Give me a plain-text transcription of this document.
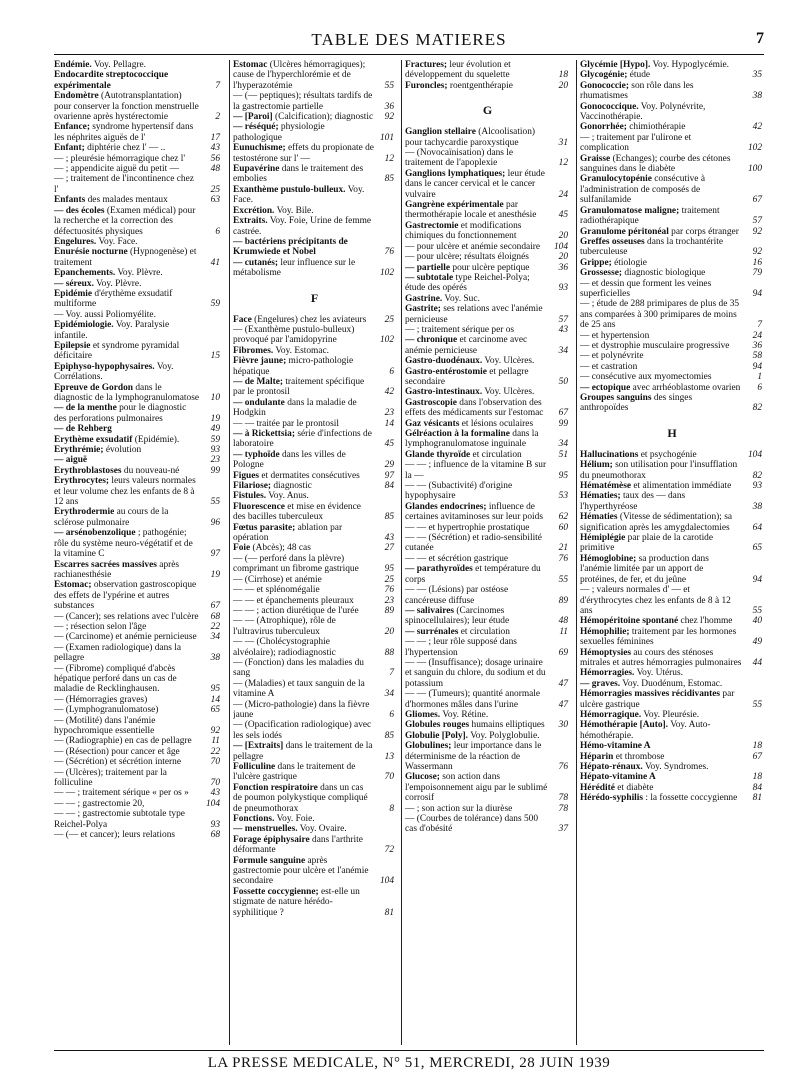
TABLE DES MATIERES	7
Endémie. Voy. Pellagre.
Endocardite streptococcique expérimentale	7
Endomètre (Autotransplantation) pour conserver la fonction menstruelle ovarienne après hystérectomie	2
Enfance; syndrome hypertensif dans les néphrites aiguës de l'	17
Enfant; diphtérie chez l' — ..	43
— ; pleurésie hémorragique chez l'	56
— ; appendicite aiguë du petit —	48
— ; traitement de l'incontinence chez l'	25
Enfants des malades mentaux	63
— des écoles (Examen médical) pour la recherche et la correction des défectuosités physiques	6
Engelures. Voy. Face.
Enurésie nocturne (Hypnogenèse) et traitement	41
Epanchements. Voy. Plèvre.
— séreux. Voy. Plèvre.
Epidémie d'érythème exsudatif multiforme	59
— Voy. aussi Poliomyélite.
Epidémiologie. Voy. Paralysie infantile.
Epilepsie et syndrome pyramidal déficitaire	15
Epiphyso-hypophysaires. Voy. Corrélations.
Epreuve de Gordon dans le diagnostic de la lymphogranulomatose 10
— de la menthe pour le diagnostic des perforations pulmonaires	19
— de Rehberg	49
Erythème exsudatif (Epidémie).	59
Erythrémie; évolution	93
— aiguë	23
Erythroblastoses du nouveau-né	99
Erythrocytes; leurs valeurs normales et leur volume chez les enfants de 8 à 12 ans	55
Erythrodermie au cours de la sclérose pulmonaire	96
— arsénobenzolique ; pathogénie; rôle du système neuro-végétatif et de la vitamine C	97
Escarres sacrées massives après rachianesthésie	19
Estomac; observation gastroscopique des effets de l'ypérine et autres substances	67
— (Cancer); ses relations avec l'ulcère 68
— ; résection selon l'âge	22
— (Carcinome) et anémie pernicieuse 34
— (Examen radiologique) dans la pellagre	38
— (Fibrome) compliqué d'abcès hépatique perforé dans un cas de maladie de Recklinghausen.	95
— (Hémorragies graves)	14
— (Lymphogranulomatose)	65
— (Motilité) dans l'anémie hypochromique essentielle	92
— (Radiographie) en cas de pellagre 11
— (Résection) pour cancer et âge	22
— (Sécrétion) et sécrétion interne	70
— (Ulcères); traitement par la folliculine	70
— — ; traitement sérique « per os » 43
— — ; gastrectomie 20,	104
— — ; gastrectomie subtotale type Reichel-Polya	93
— (— et cancer); leurs relations	68
Estomac (Ulcères hémorragiques); cause de l'hyperchlorémie et de l'hyperazotémie	55
— (— peptiques); résultats tardifs de la gastrectomie partielle	36
— [Paroi] (Calcification); diagnostic 92
— réséqué; physiologie pathologique	101
Eunuchisme; effets du propionate de testostérone sur l' —	12
Eupavérine dans le traitement des embolies	85
Exanthème pustulo-bulleux. Voy. Face.
Excrétion. Voy. Bile.
Extraits. Voy. Foie, Urine de femme castrée.
— bactériens précipitants de Krumwiede et Nobel	76
— cutanés; leur influence sur le métabolisme	102
F
Face (Engelures) chez les aviateurs 25
— (Exanthème pustulo-bulleux) provoqué par l'amidopyrine	102
Fibromes. Voy. Estomac.
Fièvre jaune; micro-pathologie hépatique	6
— de Malte; traitement spécifique par le prontosil	42
— ondulante dans la maladie de Hodgkin	23
— — traitée par le prontosil	14
— à Rickettsia; série d'infections de laboratoire	45
— typhoïde dans les villes de Pologne	29
Figues et dermatites consécutives	97
Filariose; diagnostic	84
Fistules. Voy. Anus.
Fluorescence et mise en évidence des bacilles tuberculeux	85
Fœtus parasite; ablation par opération	43
Foie (Abcès); 48 cas	27
— (— perforé dans la plèvre) comprimant un fibrome gastrique	95
— (Cirrhose) et anémie	25
— — et splénomégalie	76
— — et épanchements pleuraux	23
— — ; action diurétique de l'urée	89
— — (Atrophique), rôle de l'ultravirus tuberculeux	20
— — (Cholécystographie alvéolaire); radiodiagnostic	88
— (Fonction) dans les maladies du sang	7
— (Maladies) et taux sanguin de la vitamine A	34
— (Micro-pathologie) dans la fièvre jaune	6
— (Opacification radiologique) avec les sels iodés	85
— [Extraits] dans le traitement de la pellagre	13
Folliculine dans le traitement de l'ulcère gastrique	70
Fonction respiratoire dans un cas de poumon polykystique compliqué de pneumothorax	8
Fonctions. Voy. Foie.
— menstruelles. Voy. Ovaire.
Forage épiphysaire dans l'arthrite déformante	72
Formule sanguine après gastrectomie pour ulcère et l'anémie secondaire	104
Fossette coccygienne; est-elle un stigmate de nature hérédo-syphilitique ?	81
Fractures; leur évolution et développement du squelette	18
Furoncles; roentgenthérapie	20
G
Ganglion stellaire (Alcoolisation) pour tachycardie paroxystique	31
— (Novocaïnisation) dans le traitement de l'apoplexie	12
Ganglions lymphatiques; leur étude dans le cancer cervical et le cancer vulvaire	24
Gangrène expérimentale par thermothérapie locale et anesthésie 45
Gastrectomie et modifications chimiques du fonctionnement	20
— pour ulcère et anémie secondaire 104
— pour ulcère; résultats éloignés	20
— partielle pour ulcère peptique	36
— subtotale type Reichel-Polya; étude des opérés	93
Gastrine. Voy. Suc.
Gastrite; ses relations avec l'anémie pernicieuse	57
— ; traitement sérique per os	43
— chronique et carcinome avec anémie pernicieuse	34
Gastro-duodénaux. Voy. Ulcères.
Gastro-entérostomie et pellagre secondaire	50
Gastro-intestinaux. Voy. Ulcères.
Gastroscopie dans l'observation des effets des médicaments sur l'estomac 67
Gaz vésicants et lésions oculaires	99
Gélréaction à la formaline dans la lymphogranulomatose inguinale	34
Glande thyroïde et circulation	51
— — ; influence de la vitamine B sur la —	95
— — (Subactivité) d'origine hypophysaire	53
Glandes endocrines; influence de certaines avitaminoses sur leur poids 62
— — et hypertrophie prostatique	60
— — (Sécrétion) et radio-sensibilité cutanée	21
— — et sécrétion gastrique	76
— parathyroïdes et température du corps	55
— — (Lésions) par ostéose cancéreuse diffuse	89
— salivaires (Carcinomes spinocellulaires); leur étude	48
— surrénales et circulation	11
— — ; leur rôle supposé dans l'hypertension	69
— — (Insuffisance); dosage urinaire et sanguin du chlore, du sodium et du potassium	47
— — (Tumeurs); quantité anormale d'hormones mâles dans l'urine	47
Gliomes. Voy. Rétine.
Globules rouges humains elliptiques 30
Globulie [Poly]. Voy. Polyglobulie.
Globulines; leur importance dans le déterminisme de la réaction de Wassermann	76
Glucose; son action dans l'empoisonnement aigu par le sublimé corrosif	78
— ; son action sur la diurèse	78
— (Courbes de tolérance) dans 500 cas d'obésité	37
Glycémie [Hypo]. Voy. Hypoglycémie.
Glycogénie; étude	35
Gonococcie; son rôle dans les rhumatismes	38
Gonococcique. Voy. Polynévrite, Vaccinothérapie.
Gonorrhée; chimiothérapie	42
— ; traitement par l'ulirone et complication	102
Graisse (Echanges); courbe des cétones sanguines dans le diabète	100
Granulocytopénie consécutive à l'administration de composés de sulfanilamide	67
Granulomatose maligne; traitement radiothérapique	57
Granulome péritonéal par corps étranger 92
Greffes osseuses dans la trochantérite tuberculeuse	92
Grippe; étiologie	16
Grossesse; diagnostic biologique	79
— et dessin que forment les veines superficielles	94
— ; étude de 288 primipares de plus de 35 ans comparées à 300 primipares de moins de 25 ans	7
— et hypertension	24
— et dystrophie musculaire progressive 36
— et polynévrite	58
— et castration	94
— consécutive aux myomectomies	1
— ectopique avec arrhéoblastome ovarien 6
Groupes sanguins des singes anthropoïdes	82
H
Hallucinations et psychogénie	104
Hélium; son utilisation pour l'insufflation du pneumothorax	82
Hématémèse et alimentation immédiate 93
Hématies; taux des — dans l'hyperthyréose	38
Hématies (Vitesse de sédimentation); sa signification après les amygdalectomies 64
Hémiplégie par plaie de la carotide primitive	65
Hémoglobine; sa production dans l'anémie limitée par un apport de protéines, de fer, et du jeûne	94
— ; valeurs normales d' — et d'érythrocytes chez les enfants de 8 à 12 ans	55
Hémopéritoine spontané chez l'homme 40
Hémophilie; traitement par les hormones sexuelles féminines	49
Hémoptysies au cours des sténoses mitrales et autres hémorragies pulmonaires 44
Hémorragies. Voy. Utérus.
— graves. Voy. Duodénum, Estomac.
Hémorragies massives récidivantes par ulcère gastrique	55
Hémorragique. Voy. Pleurésie.
Hémothérapie [Auto]. Voy. Auto-hémothérapie.
Hémo-vitamine A	18
Héparin et thrombose	67
Hépato-rénaux. Voy. Syndromes.
Hépato-vitamine A	18
Hérédité et diabète	84
Hérédo-syphilis : la fossette coccygienne 81
LA PRESSE MEDICALE, N° 51, MERCREDI, 28 JUIN 1939
